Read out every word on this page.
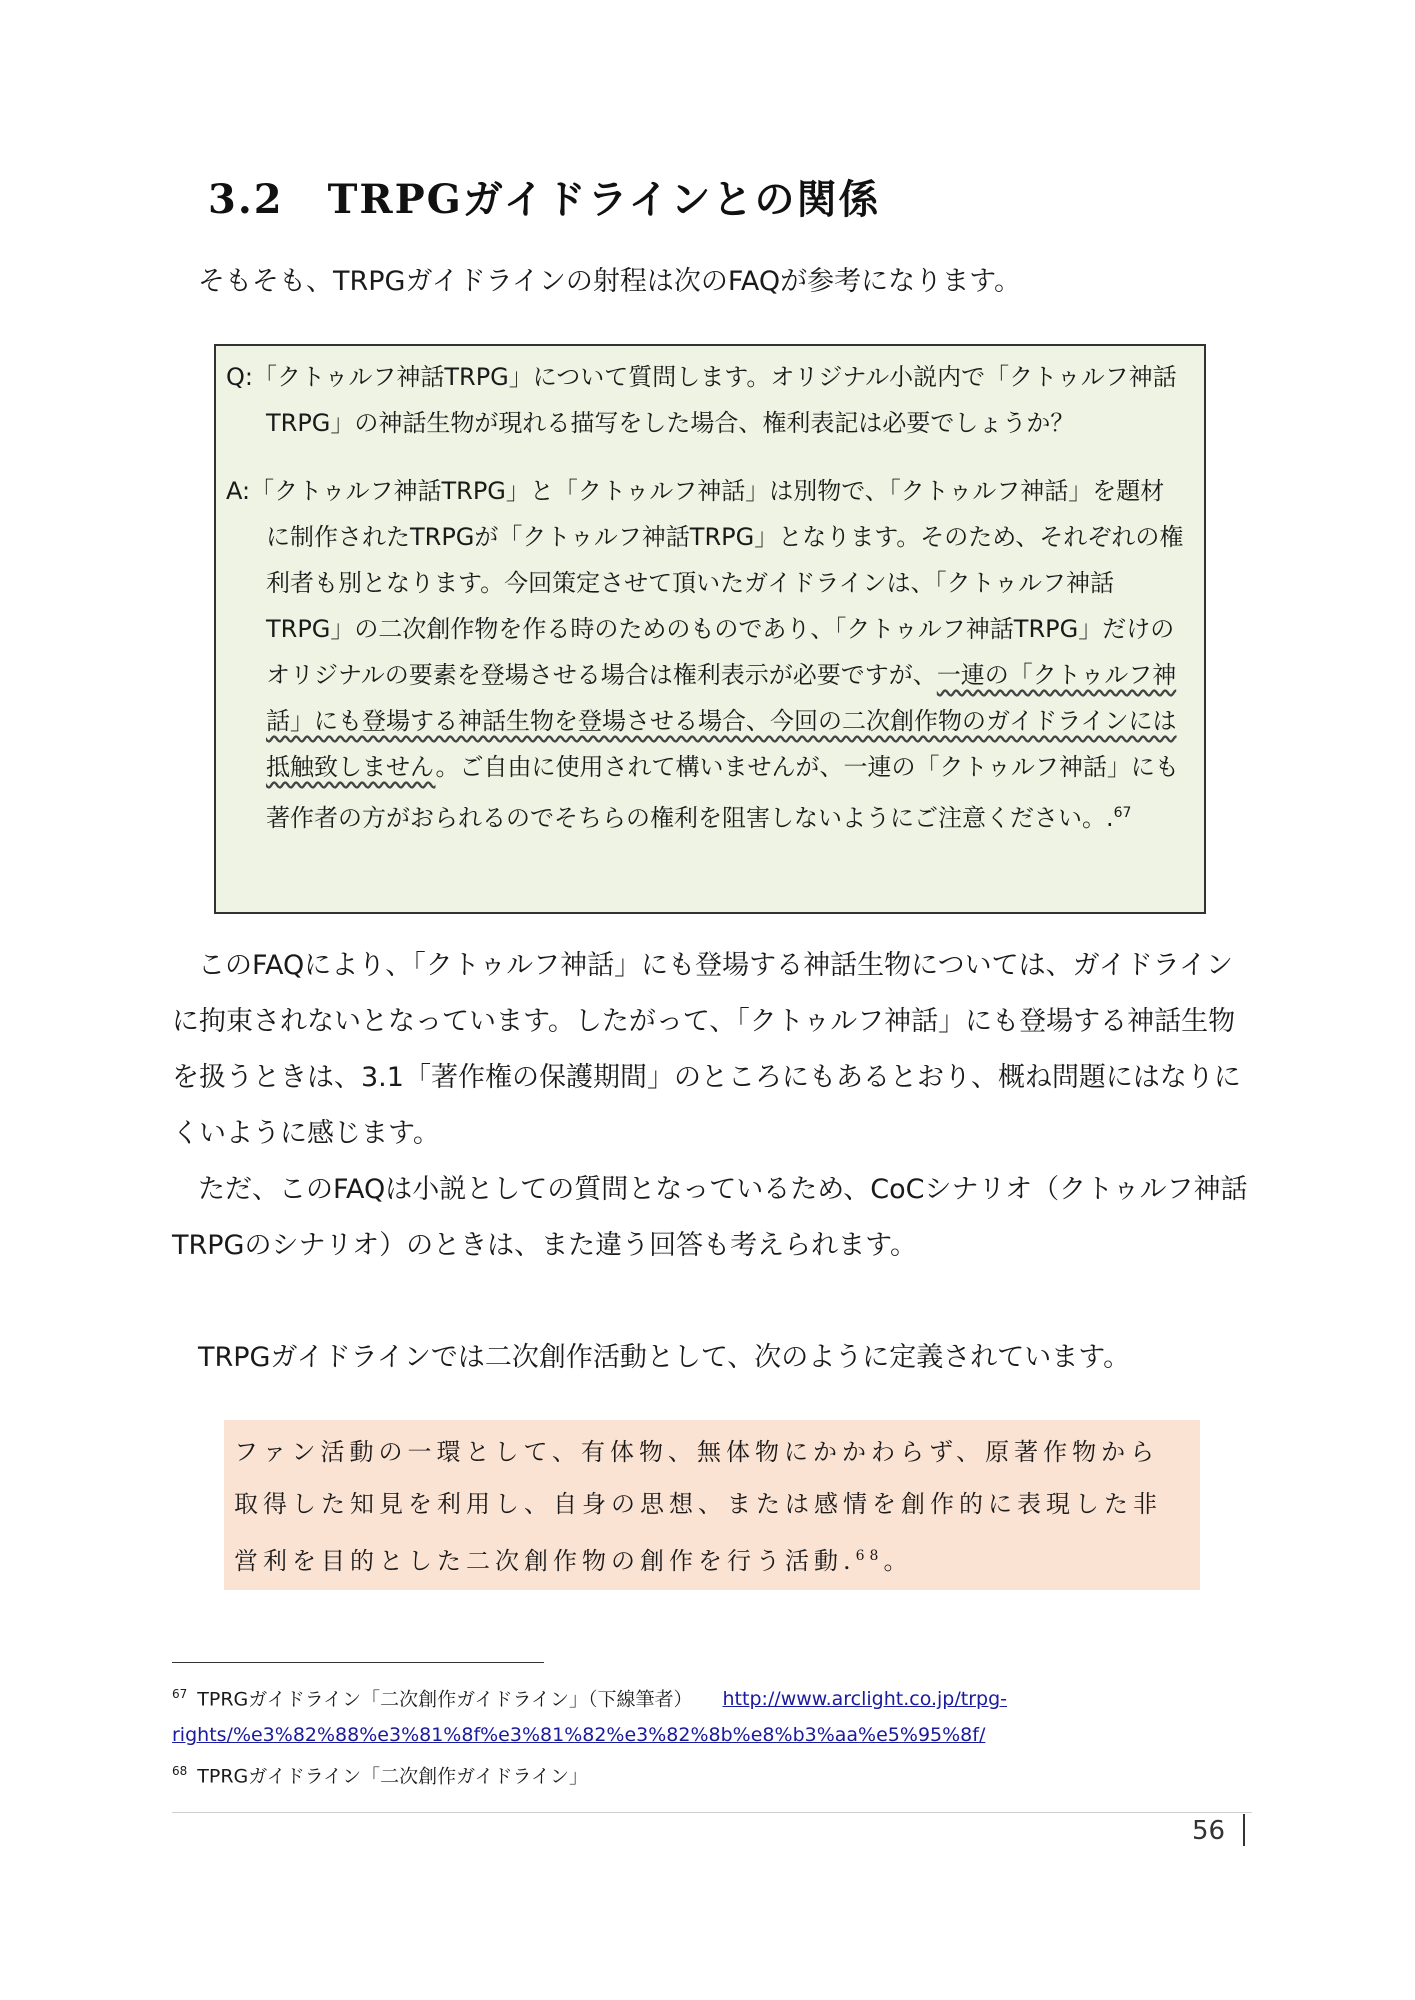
3.2 TRPGガイドラインとの関係

そもそも、TRPGガイドラインの射程は次のFAQが参考になります。

Q:「クトゥルフ神話TRPG」について質問します。オリジナル小説内で「クトゥルフ神話TRPG」の神話生物が現れる描写をした場合、権利表記は必要でしょうか？

A:「クトゥルフ神話TRPG」と「クトゥルフ神話」は別物で、「クトゥルフ神話」を題材に制作されたTRPGが「クトゥルフ神話TRPG」となります。そのため、それぞれの権利者も別となります。今回策定させて頂いたガイドラインは、「クトゥルフ神話TRPG」の二次創作物を作る時のためのものであり、「クトゥルフ神話TRPG」だけのオリジナルの要素を登場させる場合は権利表示が必要ですが、一連の「クトゥルフ神話」にも登場する神話生物を登場させる場合、今回の二次創作物のガイドラインには抵触致しません。ご自由に使用されて構いませんが、一連の「クトゥルフ神話」にも著作者の方がおられるのでそちらの権利を阻害しないようにご注意ください。.$^{67}$

このFAQにより、「クトゥルフ神話」にも登場する神話生物については、ガイドラインに拘束されないとなっています。したがって、「クトゥルフ神話」にも登場する神話生物を扱うときは、3.1「著作権の保護期間」のところにもあるとおり、概ね問題にはなりにくいように感じます。

ただ、このFAQは小説としての質問となっているため、CoCシナリオ（クトゥルフ神話TRPGのシナリオ）のときは、また違う回答も考えられます。

TRPGガイドラインでは二次創作活動として、次のように定義されています。

ファン活動の一環として、有体物、無体物にかかわらず、原著作物から取得した知見を利用し、自身の思想、または感情を創作的に表現した非営利を目的とした二次創作物の創作を行う活動.$^{68}$。

$^{67}$ TPRGガイドライン「二次創作ガイドライン」（下線筆者） http://www.arclight.co.jp/trpg-rights/%e3%82%88%e3%81%8f%e3%81%82%e3%82%8b%e8%b3%aa%e5%95%8f/

$^{68}$ TPRGガイドライン「二次創作ガイドライン」

56
